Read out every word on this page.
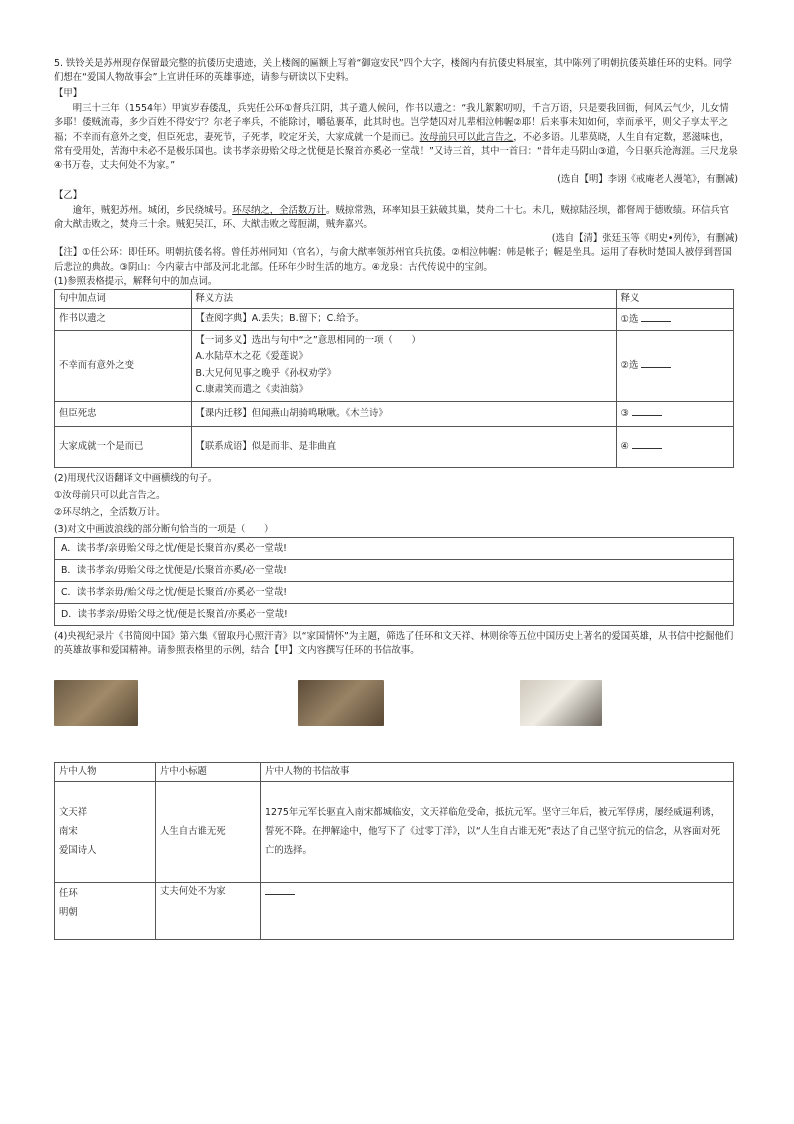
5. 铁铃关是苏州现存保留最完整的抗倭历史遗迹，关上楼阁的匾额上写着“御寇安民”四个大字，楼阁内有抗倭史料展室，其中陈列了明朝抗倭英雄任环的史料。同学们想在“爱国人物故事会”上宣讲任环的英雄事迹，请参与研读以下史料。

【甲】

明三十三年（1554年）甲寅岁春倭乱，兵宪任公环①督兵江阴，其子遣人候问，作书以遗之：“我儿絮絮叨叨，千言万语，只是要我回衙，何风云气少，儿女情多耶！倭贼流毒，多少百姓不得安宁？尔老子率兵，不能除讨，嚼毡裹革，此其时也。岂学楚囚对儿辈相泣帏幄②耶！后来事未知如何，幸而承平，则父子享太平之福；不幸而有意外之变，但臣死忠，妻死节，子死孝，咬定牙关，大家成就一个是而已。汝母前只可以此言告之，不必多语。儿辈莫晓，人生自有定数，恶滋味也，常有受用处，苦海中未必不是极乐国也。读书孝亲毋贻父母之忧便是长聚首亦奚必一堂哉！”又诗三首，其中一首曰：“昔年走马阴山③道，今日驱兵沧海涯。三尺龙泉④书万卷，丈夫何处不为家。”

(选自【明】李诩《戒庵老人漫笔》，有删减)

【乙】

逾年，贼犯苏州。城闭，乡民绕城号。环尽纳之，全活数万计。贼掠常熟，环率知县王鈇破其巢，焚舟二十七。未几，贼掠陆泾坝，都督周于德败绩。环信兵官俞大猷击败之，焚舟三十余。贼犯吴江，环、大猷击败之莺脰湖，贼奔嘉兴。

(选自【清】张廷玉等《明史•列传》，有删减)

【注】①任公环：即任环。明朝抗倭名将。曾任苏州同知（官名），与俞大猷率领苏州官兵抗倭。②相泣帏幄：帏是帐子；幄是坐具。运用了春秋时楚国人被俘到晋国后悲泣的典故。③阴山：今内蒙古中部及河北北部。任环年少时生活的地方。④龙泉：古代传说中的宝剑。

(1)参照表格提示，解释句中的加点词。

句中加点词	释义方法	释义
作书以遗之	【查阅字典】A.丢失；B.留下；C.给予。	①选
不幸而有意外之变	【一词多义】选出与句中“之”意思相同的一项（　　）
A.水陆草木之花《爱莲说》
B.大兄何见事之晚乎《孙权劝学》
C.康肃笑而遣之《卖油翁》	②选
但臣死忠	【课内迁移】但闻燕山胡骑鸣啾啾。《木兰诗》	③
大家成就一个是而已	【联系成语】似是而非、是非曲直	④

(2)用现代汉语翻译文中画横线的句子。

①汝母前只可以此言告之。

②环尽纳之，全活数万计。

(3)对文中画波浪线的部分断句恰当的一项是（　　）

A．读书孝/亲毋贻父母之忧/便是长聚首亦/奚必一堂哉!
B．读书孝亲/毋贻父母之忧便是/长聚首亦奚/必一堂哉!
C．读书孝亲毋/贻父母之忧/便是长聚首/亦奚必一堂哉!
D．读书孝亲/毋贻父母之忧/便是长聚首/亦奚必一堂哉!

(4)央视纪录片《书简阅中国》第六集《留取丹心照汗青》以“家国情怀”为主题，筛选了任环和文天祥、林则徐等五位中国历史上著名的爱国英雄，从书信中挖掘他们的英雄故事和爱国精神。请参照表格里的示例，结合【甲】文内容撰写任环的书信故事。

片中人物	片中小标题	片中人物的书信故事

文天祥
南宋
爱国诗人	人生自古谁无死	1275年元军长驱直入南宋都城临安，文天祥临危受命，抵抗元军。坚守三年后，被元军俘虏，屡经威逼利诱，誓死不降。在押解途中，他写下了《过零丁洋》，以“人生自古谁无死”表达了自己坚守抗元的信念，从容面对死亡的选择。

任环
明朝	丈夫何处不为家	
